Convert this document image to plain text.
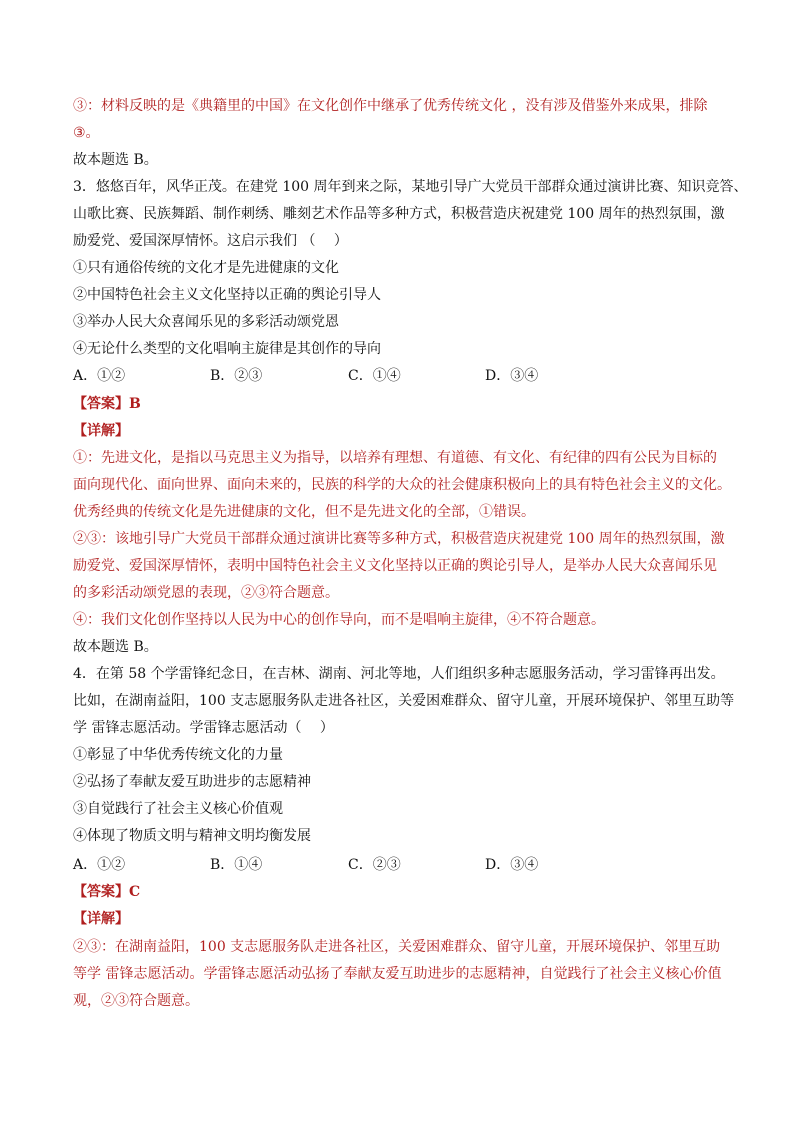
③：材料反映的是《典籍里的中国》在文化创作中继承了优秀传统文化 ，没有涉及借鉴外来成果，排除
③。
故本题选 B。
3．悠悠百年，风华正茂。在建党 100 周年到来之际，某地引导广大党员干部群众通过演讲比赛、知识竞答、
山歌比赛、民族舞蹈、制作刺绣、雕刻艺术作品等多种方式，积极营造庆祝建党 100 周年的热烈氛围，激
励爱党、爱国深厚情怀。这启示我们 （　 ）
①只有通俗传统的文化才是先进健康的文化
②中国特色社会主义文化坚持以正确的舆论引导人
③举办人民大众喜闻乐见的多彩活动颂党恩
④无论什么类型的文化唱响主旋律是其创作的导向
A．①②	B．②③	C．①④	D．③④
【答案】B
【详解】
①：先进文化，是指以马克思主义为指导，以培养有理想、有道德、有文化、有纪律的四有公民为目标的
面向现代化、面向世界、面向未来的，民族的科学的大众的社会健康积极向上的具有特色社会主义的文化。
优秀经典的传统文化是先进健康的文化，但不是先进文化的全部，①错误。
②③：该地引导广大党员干部群众通过演讲比赛等多种方式，积极营造庆祝建党 100 周年的热烈氛围，激
励爱党、爱国深厚情怀，表明中国特色社会主义文化坚持以正确的舆论引导人，是举办人民大众喜闻乐见
的多彩活动颂党恩的表现，②③符合题意。
④：我们文化创作坚持以人民为中心的创作导向，而不是唱响主旋律，④不符合题意。
故本题选 B。
4．在第 58 个学雷锋纪念日，在吉林、湖南、河北等地，人们组织多种志愿服务活动，学习雷锋再出发。
比如，在湖南益阳，100 支志愿服务队走进各社区，关爱困难群众、留守儿童，开展环境保护、邻里互助等
学 雷锋志愿活动。学雷锋志愿活动（　 ）
①彰显了中华优秀传统文化的力量
②弘扬了奉献友爱互助进步的志愿精神
③自觉践行了社会主义核心价值观
④体现了物质文明与精神文明均衡发展
A．①②	B．①④	C．②③	D．③④
【答案】C
【详解】
②③：在湖南益阳，100 支志愿服务队走进各社区，关爱困难群众、留守儿童，开展环境保护、邻里互助
等学 雷锋志愿活动。学雷锋志愿活动弘扬了奉献友爱互助进步的志愿精神，自觉践行了社会主义核心价值
观，②③符合题意。
